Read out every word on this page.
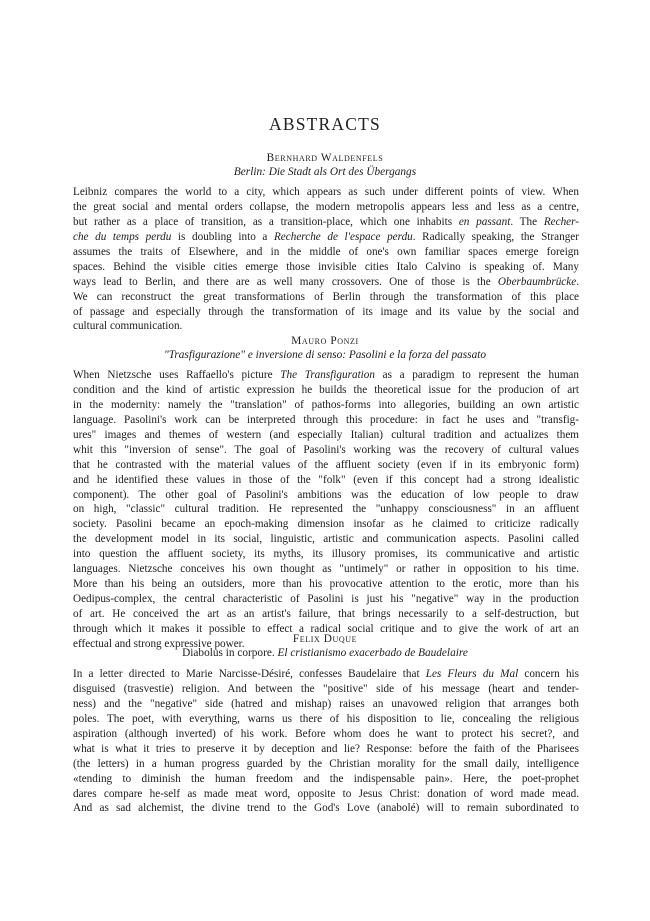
ABSTRACTS
Bernhard Waldenfels
Berlin: Die Stadt als Ort des Übergangs
Leibniz compares the world to a city, which appears as such under different points of view. When
the great social and mental orders collapse, the modern metropolis appears less and less as a centre,
but rather as a place of transition, as a transition-place, which one inhabits en passant. The Recher-
che du temps perdu is doubling into a Recherche de l'espace perdu. Radically speaking, the Stranger
assumes the traits of Elsewhere, and in the middle of one's own familiar spaces emerge foreign
spaces. Behind the visible cities emerge those invisible cities Italo Calvino is speaking of. Many
ways lead to Berlin, and there are as well many crossovers. One of those is the Oberbaumbrücke.
We can reconstruct the great transformations of Berlin through the transformation of this place
of passage and especially through the transformation of its image and its value by the social and
cultural communication.
Mauro Ponzi
"Trasfigurazione" e inversione di senso: Pasolini e la forza del passato
When Nietzsche uses Raffaello's picture The Transfiguration as a paradigm to represent the human
condition and the kind of artistic expression he builds the theoretical issue for the producion of art
in the modernity: namely the "translation" of pathos-forms into allegories, building an own artistic
language. Pasolini's work can be interpreted through this procedure: in fact he uses and "transfig-
ures" images and themes of western (and especially Italian) cultural tradition and actualizes them
whit this "inversion of sense". The goal of Pasolini's working was the recovery of cultural values
that he contrasted with the material values of the affluent society (even if in its embryonic form)
and he identified these values in those of the "folk" (even if this concept had a strong idealistic
component). The other goal of Pasolini's ambitions was the education of low people to draw
on high, "classic" cultural tradition. He represented the "unhappy consciousness" in an affluent
society. Pasolini became an epoch-making dimension insofar as he claimed to criticize radically
the development model in its social, linguistic, artistic and communication aspects. Pasolini called
into question the affluent society, its myths, its illusory promises, its communicative and artistic
languages. Nietzsche conceives his own thought as "untimely" or rather in opposition to his time.
More than his being an outsiders, more than his provocative attention to the erotic, more than his
Oedipus-complex, the central characteristic of Pasolini is just his "negative" way in the production
of art. He conceived the art as an artist's failure, that brings necessarily to a self-destruction, but
through which it makes it possible to effect a radical social critique and to give the work of art an
effectual and strong expressive power.	Felix Duque
Diabolus in corpore. El cristianismo exacerbado de Baudelaire
In a letter directed to Marie Narcisse-Désiré, confesses Baudelaire that Les Fleurs du Mal concern his
disguised (trasvestie) religion. And between the "positive" side of his message (heart and tender-
ness) and the "negative" side (hatred and mishap) raises an unavowed religion that arranges both
poles. The poet, with everything, warns us there of his disposition to lie, concealing the religious
aspiration (although inverted) of his work. Before whom does he want to protect his secret?, and
what is what it tries to preserve it by deception and lie? Response: before the faith of the Pharisees
(the letters) in a human progress guarded by the Christian morality for the small daily, intelligence
«tending to diminish the human freedom and the indispensable pain». Here, the poet-prophet
dares compare he-self as made meat word, opposite to Jesus Christ: donation of word made mead.
And as sad alchemist, the divine trend to the God's Love (anabolé) will to remain subordinated to
